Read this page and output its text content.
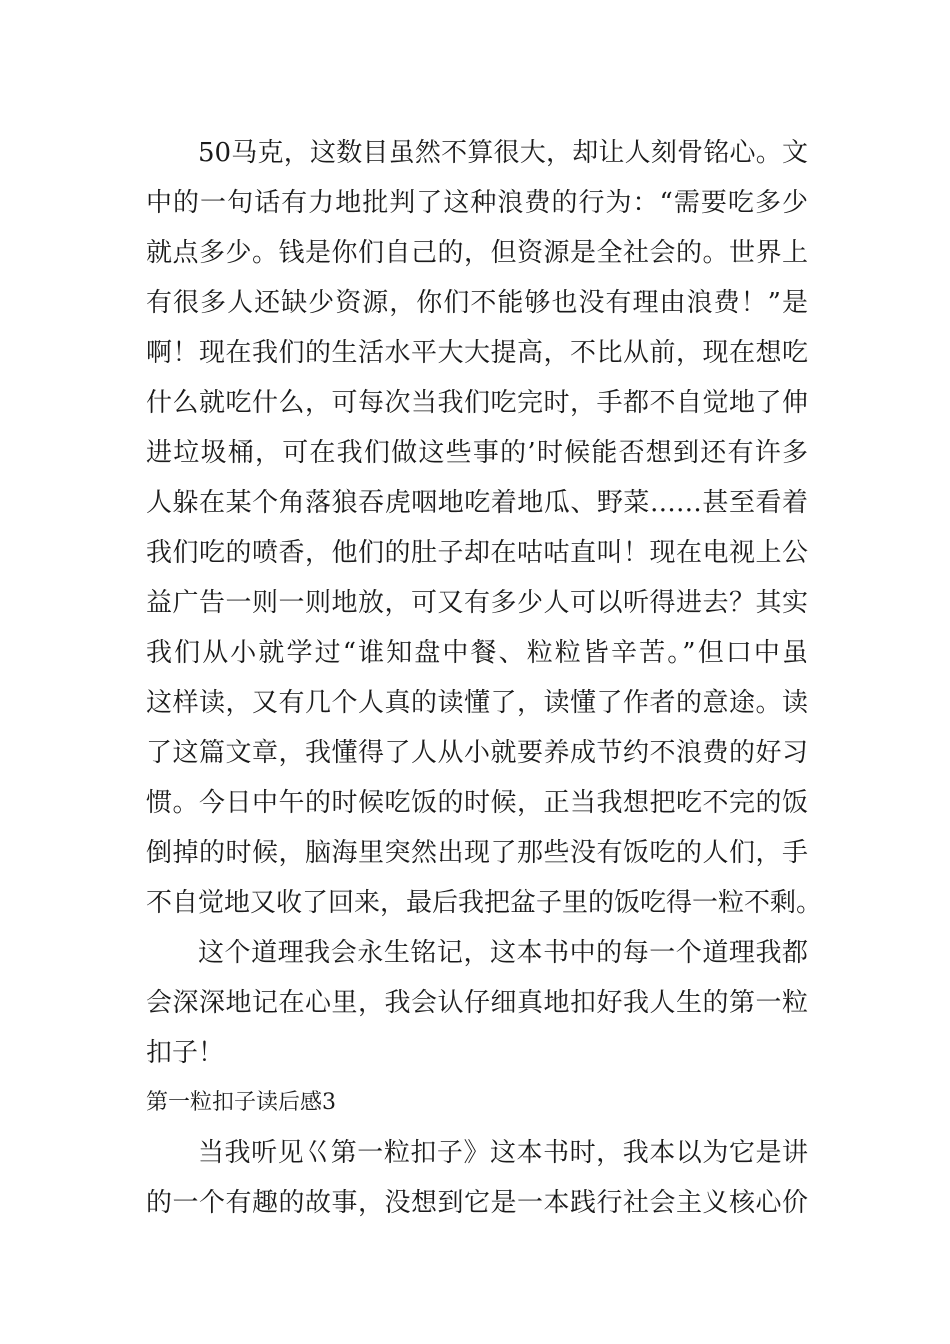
50马克，这数目虽然不算很大，却让人刻骨铭心。文
中的一句话有力地批判了这种浪费的行为：“需要吃多少
就点多少。钱是你们自己的，但资源是全社会的。世界上
有很多人还缺少资源，你们不能够也没有理由浪费！”是
啊！现在我们的生活水平大大提高，不比从前，现在想吃
什么就吃什么，可每次当我们吃完时，手都不自觉地了伸
进垃圾桶，可在我们做这些事的’时候能否想到还有许多
人躲在某个角落狼吞虎咽地吃着地瓜、野菜……甚至看着
我们吃的喷香，他们的肚子却在咕咕直叫！现在电视上公
益广告一则一则地放，可又有多少人可以听得进去？其实
我们从小就学过“谁知盘中餐、粒粒皆辛苦。”但口中虽
这样读，又有几个人真的读懂了，读懂了作者的意途。读
了这篇文章，我懂得了人从小就要养成节约不浪费的好习
惯。今日中午的时候吃饭的时候，正当我想把吃不完的饭
倒掉的时候，脑海里突然出现了那些没有饭吃的人们，手
不自觉地又收了回来，最后我把盆子里的饭吃得一粒不剩。
这个道理我会永生铭记，这本书中的每一个道理我都
会深深地记在心里，我会认仔细真地扣好我人生的第一粒
扣子！
第一粒扣子读后感3
当我听见巜第一粒扣子》这本书时，我本以为它是讲
的一个有趣的故事，没想到它是一本践行社会主义核心价
